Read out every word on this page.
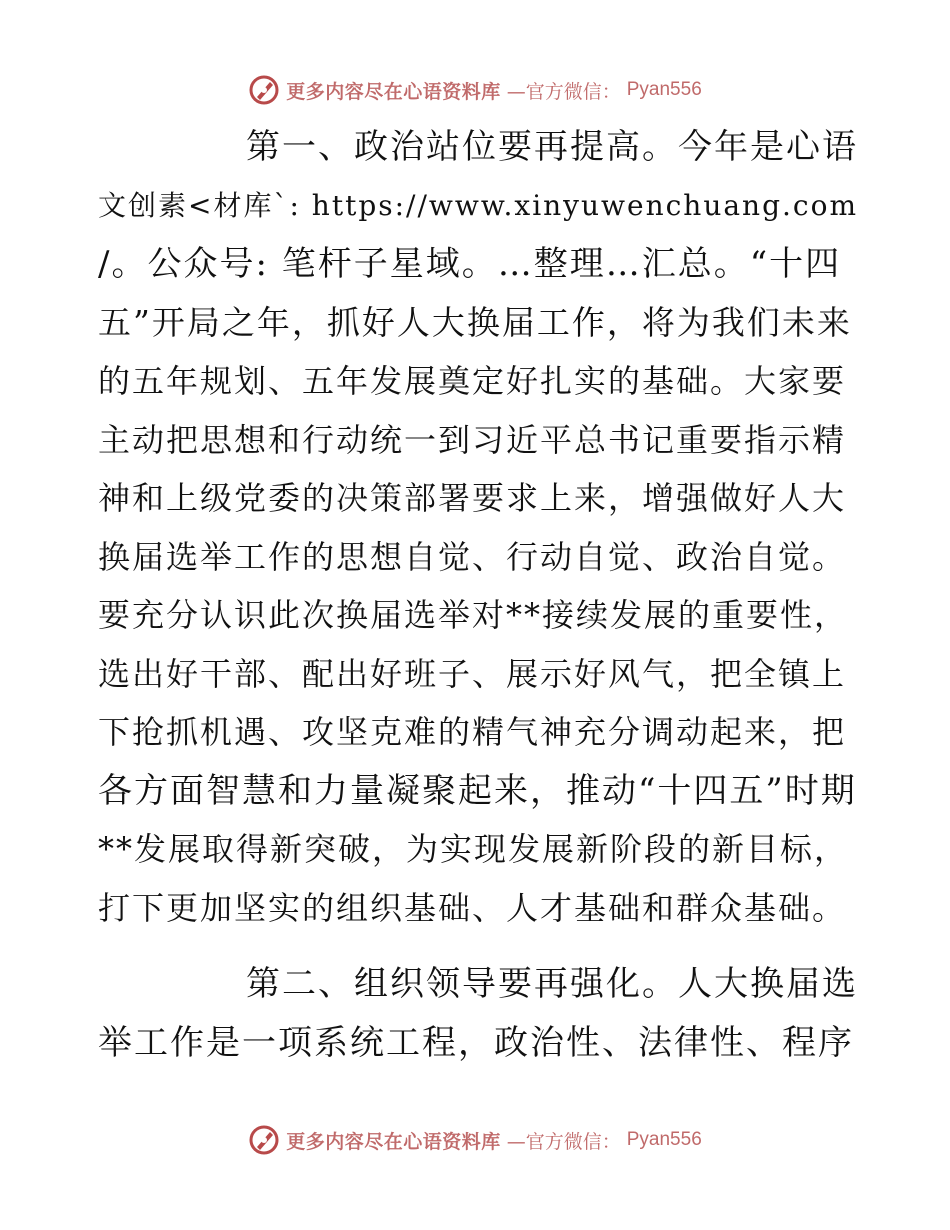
更多内容尽在心语资料库 —官方微信： Pyan556
第一、政治站位要再提高。今年是心语
文创素<材库`: https://www.xinyuwenchuang.com
/。公众号: 笔杆子星域。…整理…汇总。“十四
五”开局之年，抓好人大换届工作，将为我们未来
的五年规划、五年发展奠定好扎实的基础。大家要
主动把思想和行动统一到习近平总书记重要指示精
神和上级党委的决策部署要求上来，增强做好人大
换届选举工作的思想自觉、行动自觉、政治自觉。
要充分认识此次换届选举对**接续发展的重要性，
选出好干部、配出好班子、展示好风气，把全镇上
下抢抓机遇、攻坚克难的精气神充分调动起来，把
各方面智慧和力量凝聚起来，推动“十四五”时期
**发展取得新突破，为实现发展新阶段的新目标，
打下更加坚实的组织基础、人才基础和群众基础。
第二、组织领导要再强化。人大换届选
举工作是一项系统工程，政治性、法律性、程序
更多内容尽在心语资料库 —官方微信： Pyan556
